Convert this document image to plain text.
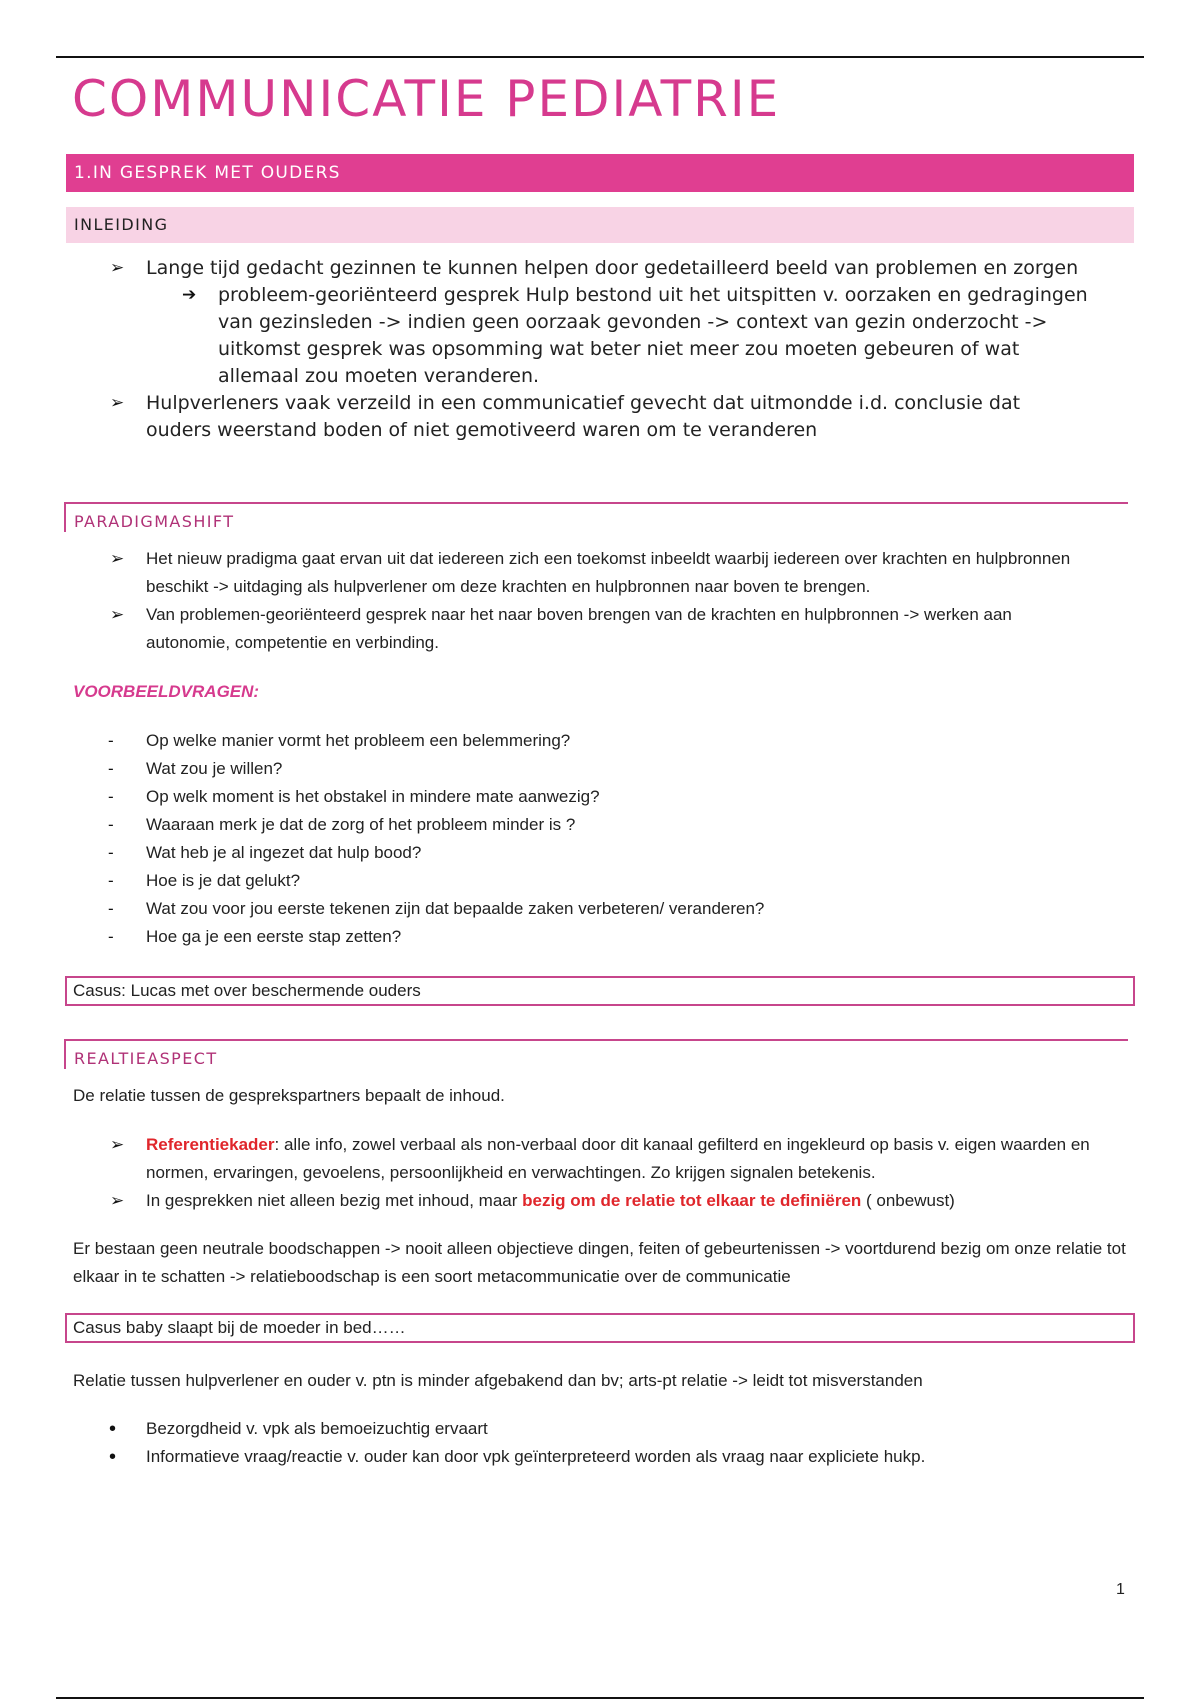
COMMUNICATIE PEDIATRIE
1.IN GESPREK MET OUDERS
INLEIDING
➢ Lange tijd gedacht gezinnen te kunnen helpen door gedetailleerd beeld van problemen en zorgen
➔ probleem-georiënteerd gesprek Hulp bestond uit het uitspitten v. oorzaken en gedragingen van gezinsleden -> indien geen oorzaak gevonden -> context van gezin onderzocht -> uitkomst gesprek was opsomming wat beter niet meer zou moeten gebeuren of wat allemaal zou moeten veranderen.
➢ Hulpverleners vaak verzeild in een communicatief gevecht dat uitmondde i.d. conclusie dat ouders weerstand boden of niet gemotiveerd waren om te veranderen
PARADIGMASHIFT
➢ Het nieuw pradigma gaat ervan uit dat iedereen zich een toekomst inbeeldt waarbij iedereen over krachten en hulpbronnen beschikt -> uitdaging als hulpverlener om deze krachten en hulpbronnen naar boven te brengen.
➢ Van problemen-georiënteerd gesprek naar het naar boven brengen van de krachten en hulpbronnen -> werken aan autonomie, competentie en verbinding.
VOORBEELDVRAGEN:
- Op welke manier vormt het probleem een belemmering?
- Wat zou je willen?
- Op welk moment is het obstakel in mindere mate aanwezig?
- Waaraan merk je dat de zorg of het probleem minder is ?
- Wat heb je al ingezet dat hulp bood?
- Hoe is je dat gelukt?
- Wat zou voor jou eerste tekenen zijn dat bepaalde zaken verbeteren/ veranderen?
- Hoe ga je een eerste stap zetten?
Casus: Lucas met over beschermende ouders
REALTIEASPECT
De relatie tussen de gesprekspartners bepaalt de inhoud.
➢ Referentiekader: alle info, zowel verbaal als non-verbaal door dit kanaal gefilterd en ingekleurd op basis v. eigen waarden en normen, ervaringen, gevoelens, persoonlijkheid en verwachtingen. Zo krijgen signalen betekenis.
➢ In gesprekken niet alleen bezig met inhoud, maar bezig om de relatie tot elkaar te definiëren ( onbewust)
Er bestaan geen neutrale boodschappen -> nooit alleen objectieve dingen, feiten of gebeurtenissen -> voortdurend bezig om onze relatie tot elkaar in te schatten -> relatieboodschap is een soort metacommunicatie over de communicatie
Casus baby slaapt bij de moeder in bed……
Relatie tussen hulpverlener en ouder v. ptn is minder afgebakend dan bv; arts-pt relatie -> leidt tot misverstanden
• Bezorgdheid v. vpk als bemoeizuchtig ervaart
• Informatieve vraag/reactie v. ouder kan door vpk geïnterpreteerd worden als vraag naar expliciete hukp.
1
